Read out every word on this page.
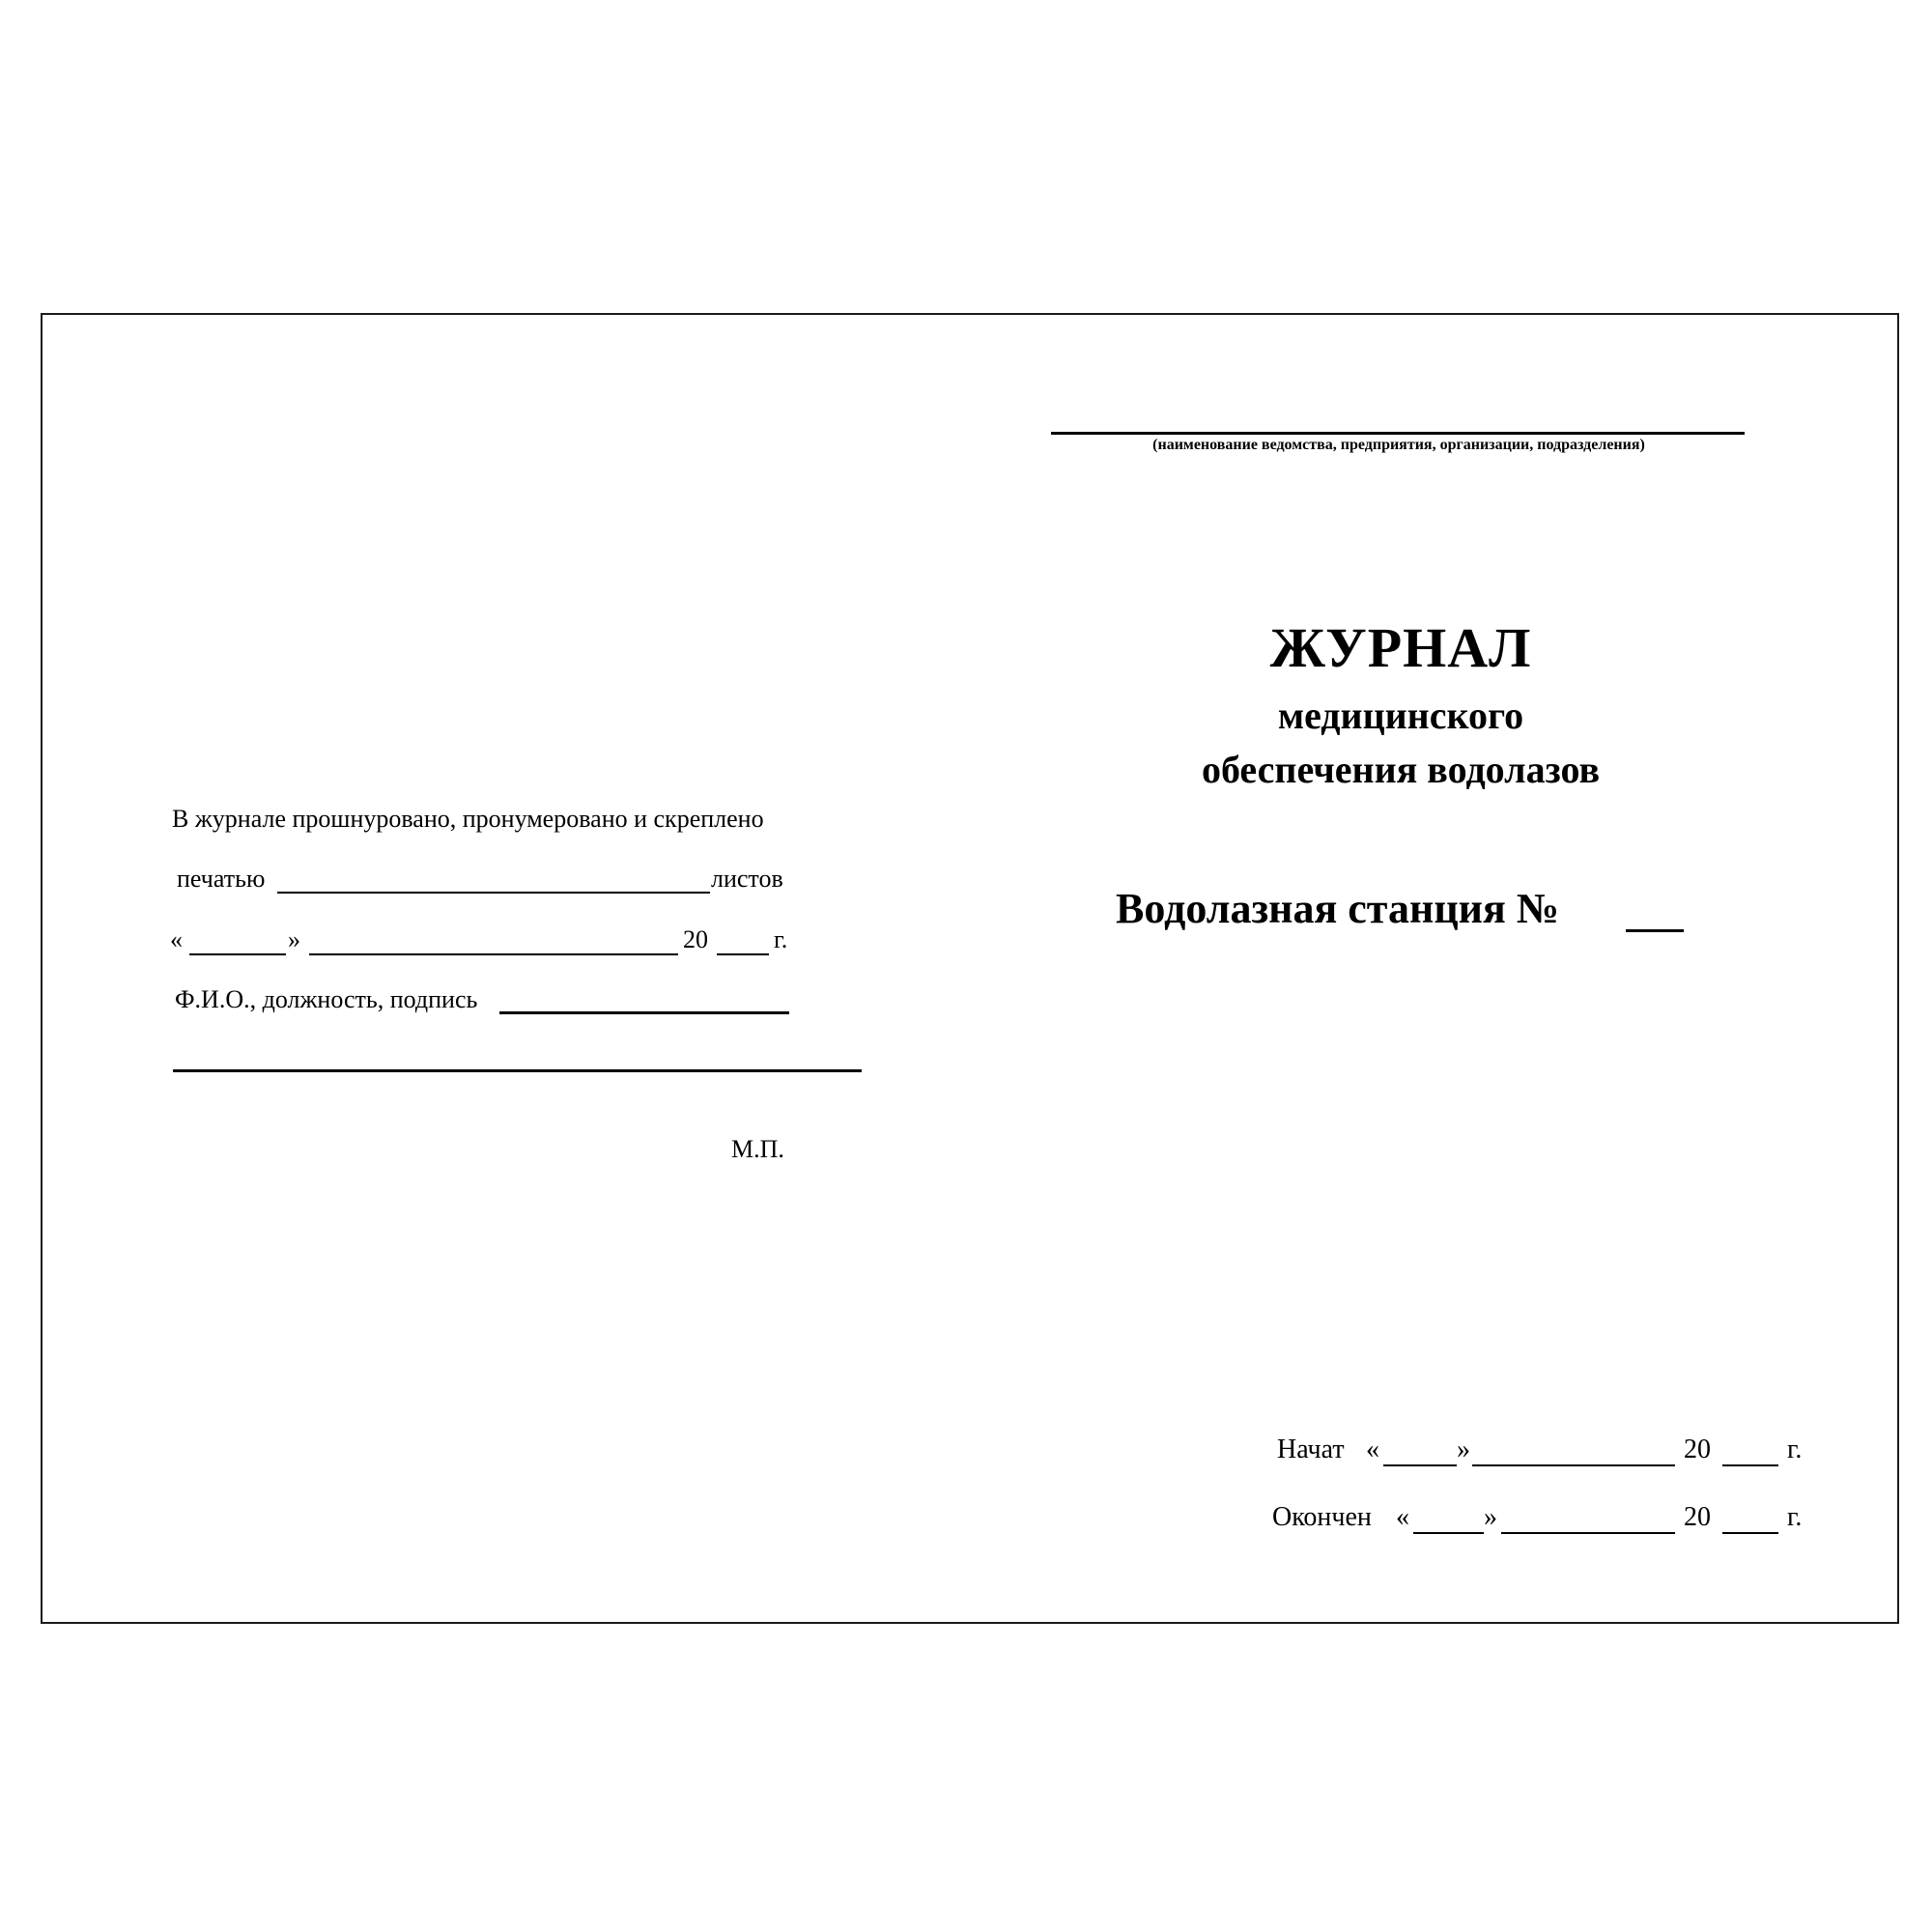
В журнале прошнуровано, пронумеровано и скреплено
печатью	листов
«	»	20	г.
Ф.И.О., должность, подпись
М.П.
(наименование ведомства, предприятия, организации, подразделения)
ЖУРНАЛ
медицинского
обеспечения водолазов
Водолазная станция №
Начат «	»	20	г.
Окончен «	»	20	г.
